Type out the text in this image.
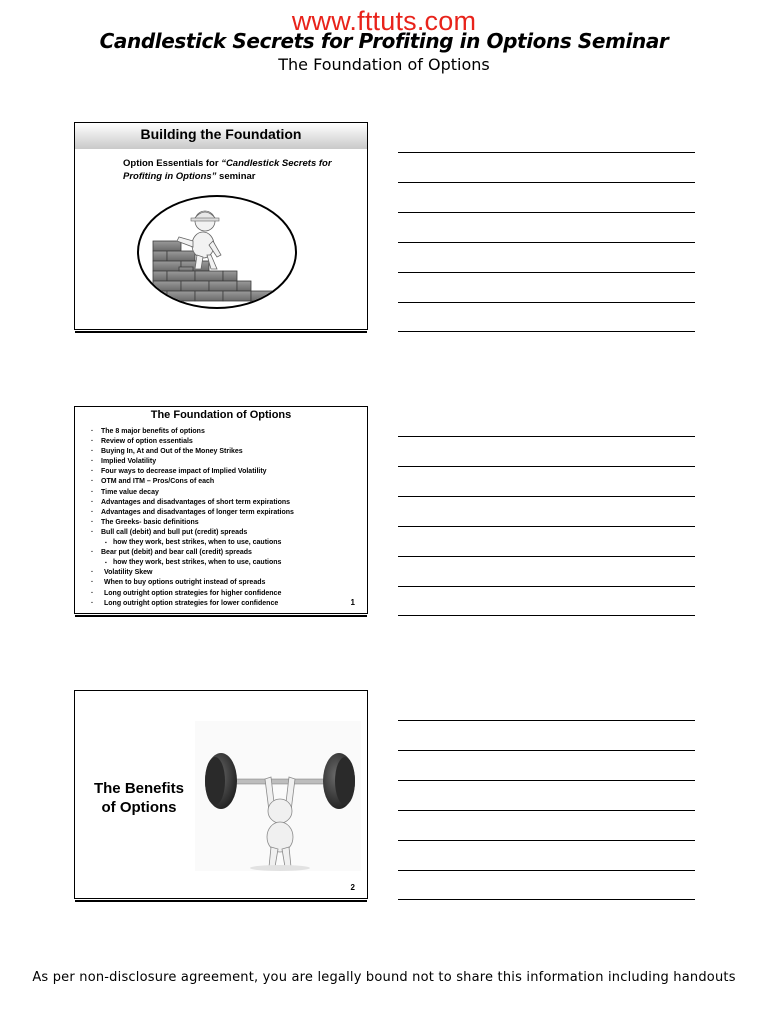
www.fttuts.com
Candlestick Secrets for Profiting in Options Seminar
The Foundation of Options
Building the Foundation
Option Essentials for “Candlestick Secrets for Profiting in Options” seminar
The Foundation of Options
· The 8 major benefits of options
· Review of option essentials
· Buying In, At and Out of the Money Strikes
· Implied Volatility
· Four ways to decrease impact of Implied Volatility
· OTM and ITM – Pros/Cons of each
· Time value decay
· Advantages and disadvantages of short term expirations
· Advantages and disadvantages of longer term expirations
· The Greeks- basic definitions
· Bull call (debit) and bull put (credit) spreads
▪ how they work, best strikes, when to use, cautions
· Bear put (debit) and bear call (credit) spreads
▪ how they work, best strikes, when to use, cautions
· Volatility Skew
· When to buy options outright instead of spreads
· Long outright option strategies for higher confidence
· Long outright option strategies for lower confidence	1
The Benefits of Options
2
As per non-disclosure agreement, you are legally bound not to share this information including handouts
